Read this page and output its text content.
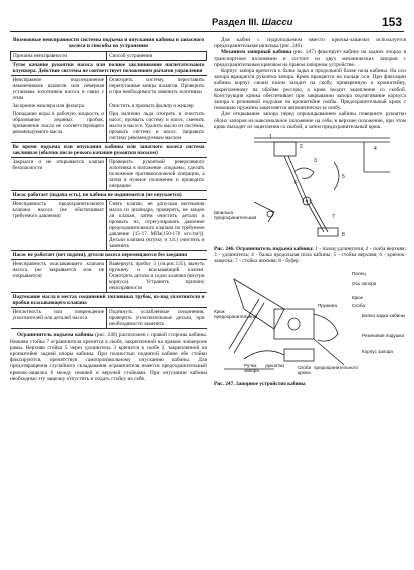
Раздел III. Шасси	153
Возможные неисправности системы подъема и опускания кабины и запасного колеса и способы их устранения
Причина неисправности	Способ устранения
Тугое качание рукоятки насоса или полное заклинивание нагнетательного плунжера. Действие системы не соответствует положениям рычагов управления	
Неисправное подсоединение наконечников шлангов или неверная установка золотников насоса в связи с этим	Осмотреть систему, переставить перепутанные концы шлангов. Проверить и при необходимости заменить золотники
Засорение жиклера или фильтра	Очистить и промыть фильтр и жиклер
Попадание воды в рабочую жидкость и образование ледяных пробок, применение масла не соответствующего рекомендуемого масла	При наличии льда отогреть и очистить насос, промыть систему и насос, сменить масло в насосе. Удалить масло из системы, промыть систему и насос. Заправить систему рекомендуемым маслом
Во время подъема или опускания кабины или запасного колеса система заклинило (обычно после резкого качания рукоятки насосом)	
Закрылся и не открывается клапан безопасности	Проверить рукояткой реверсивного золотника в положение «подъем», сделать положение противоположной операции, а затем в нужное положение и проводить операцию
Насос работает (подача есть), но кабина не поднимается (не опускается)	
Неисправность предохранительного клапана насоса (не обеспечивает требуемого давления)	Снять клапан, не допуская вытекания масла из цилиндра, проверить, не заеден ли клапан, затем очистить детали и промыть их, отрегулировать давление предохранительного клапана по требуемое давление [15-17 МПа(150-170 кгс/см²)]. Детали клапана (втулку и т.п.) очистить и заменить
Насос не работает (нет подачи), детали насоса перемещаются без заедания	
Неисправность всасывающего клапана насоса (не закрывается или не открывается)	Вывернуть пробку 3 (см.рис.135), вынуть пружину и всасывающий клапан. Осмотреть детали и седло клапана (внутри корпуса). Устранить причину неисправности
Подтекание масла в местах соединений топливных трубок, из-под уплотнителя и пробки всасывающего клапана	
Неплотность или повреждение уплотнителей или деталей насоса	Подтянуть ослабленные соединения, проверить уплотнительные детали, при необходимости заменить

Ограничитель подъема кабины (рис. 246) расположен с правой стороны кабины. Нижняя стойка 7 ограничителя крепится к скобе, закрепленной на правом лонжероне рамы. Верхняя стойка 5 через удлинитель 3 крепится к скобе 2, закрепленной на кронштейне задней опоры кабины. При полностью поднятой кабине обе стойки фиксируются, препятствуя самопроизвольному опусканию кабины. Для предотвращения случайного складывания ограничителя имеется предохранительный крючок-защелка 6 между нижней и верхней стойками. При опускании кабины необходимо эту защелку отпустить и подать стойку на себя.

Для кабин с гидроподъемом вместо крючка-защелки используется предохранительная шпилька (рис. 246).

Механизм запорный кабины (рис. 247) фиксирует кабину на задних опорах в транспортном положении и состоит из двух механических запоров с предохранительным крючком на правом запорном устройстве.

Корпус запора крепится к балке задка и продольной балке пола кабины. На оси запора вращается рукоятка запора. Крюк вращается на пальце оси. При фиксации кабины корпус своим пазом заходит на скобу, приваренную к кронштейну, закрепленному на обойме рессоры, а крюк входит зацепление со скобой. Конструкция крюка обеспечивает при закрывании запора подтягивание корпуса запора к резиновой подушке на кронштейне скобы. Предохранительный крюк с помощью пружины зацепляется автоматически за скобу.

Для открывания запора перед опрокидыванием кабины поверните рукоятки обоих запоров на максимальное положение на себя, в верхнее положение, при этом крюк выходит из зацепления со скобой, а затем предохранительный крюк.

1
2
3
4
5
6
7
8
Шпилька предохранительная
Рис. 246. Ограничитель подъема кабины: 1 - палец удлинителя; 2 - скоба верхняя; 3 - удлинитель; 4 - балка продольная пола кабины; 5 - стойка верхняя; 6 - крючок-защелка; 7 - стойка нижняя; 8 - буфер
Палец
Ось запора
Крюк
Скоба
Пружина
Балка задка кабины
Резиновая подушка
Корпус запора
Крюк предохранительный
Ручка рукоятки запора
Скоба предохранительного крюка
Рис. 247. Запорное устройство кабины
